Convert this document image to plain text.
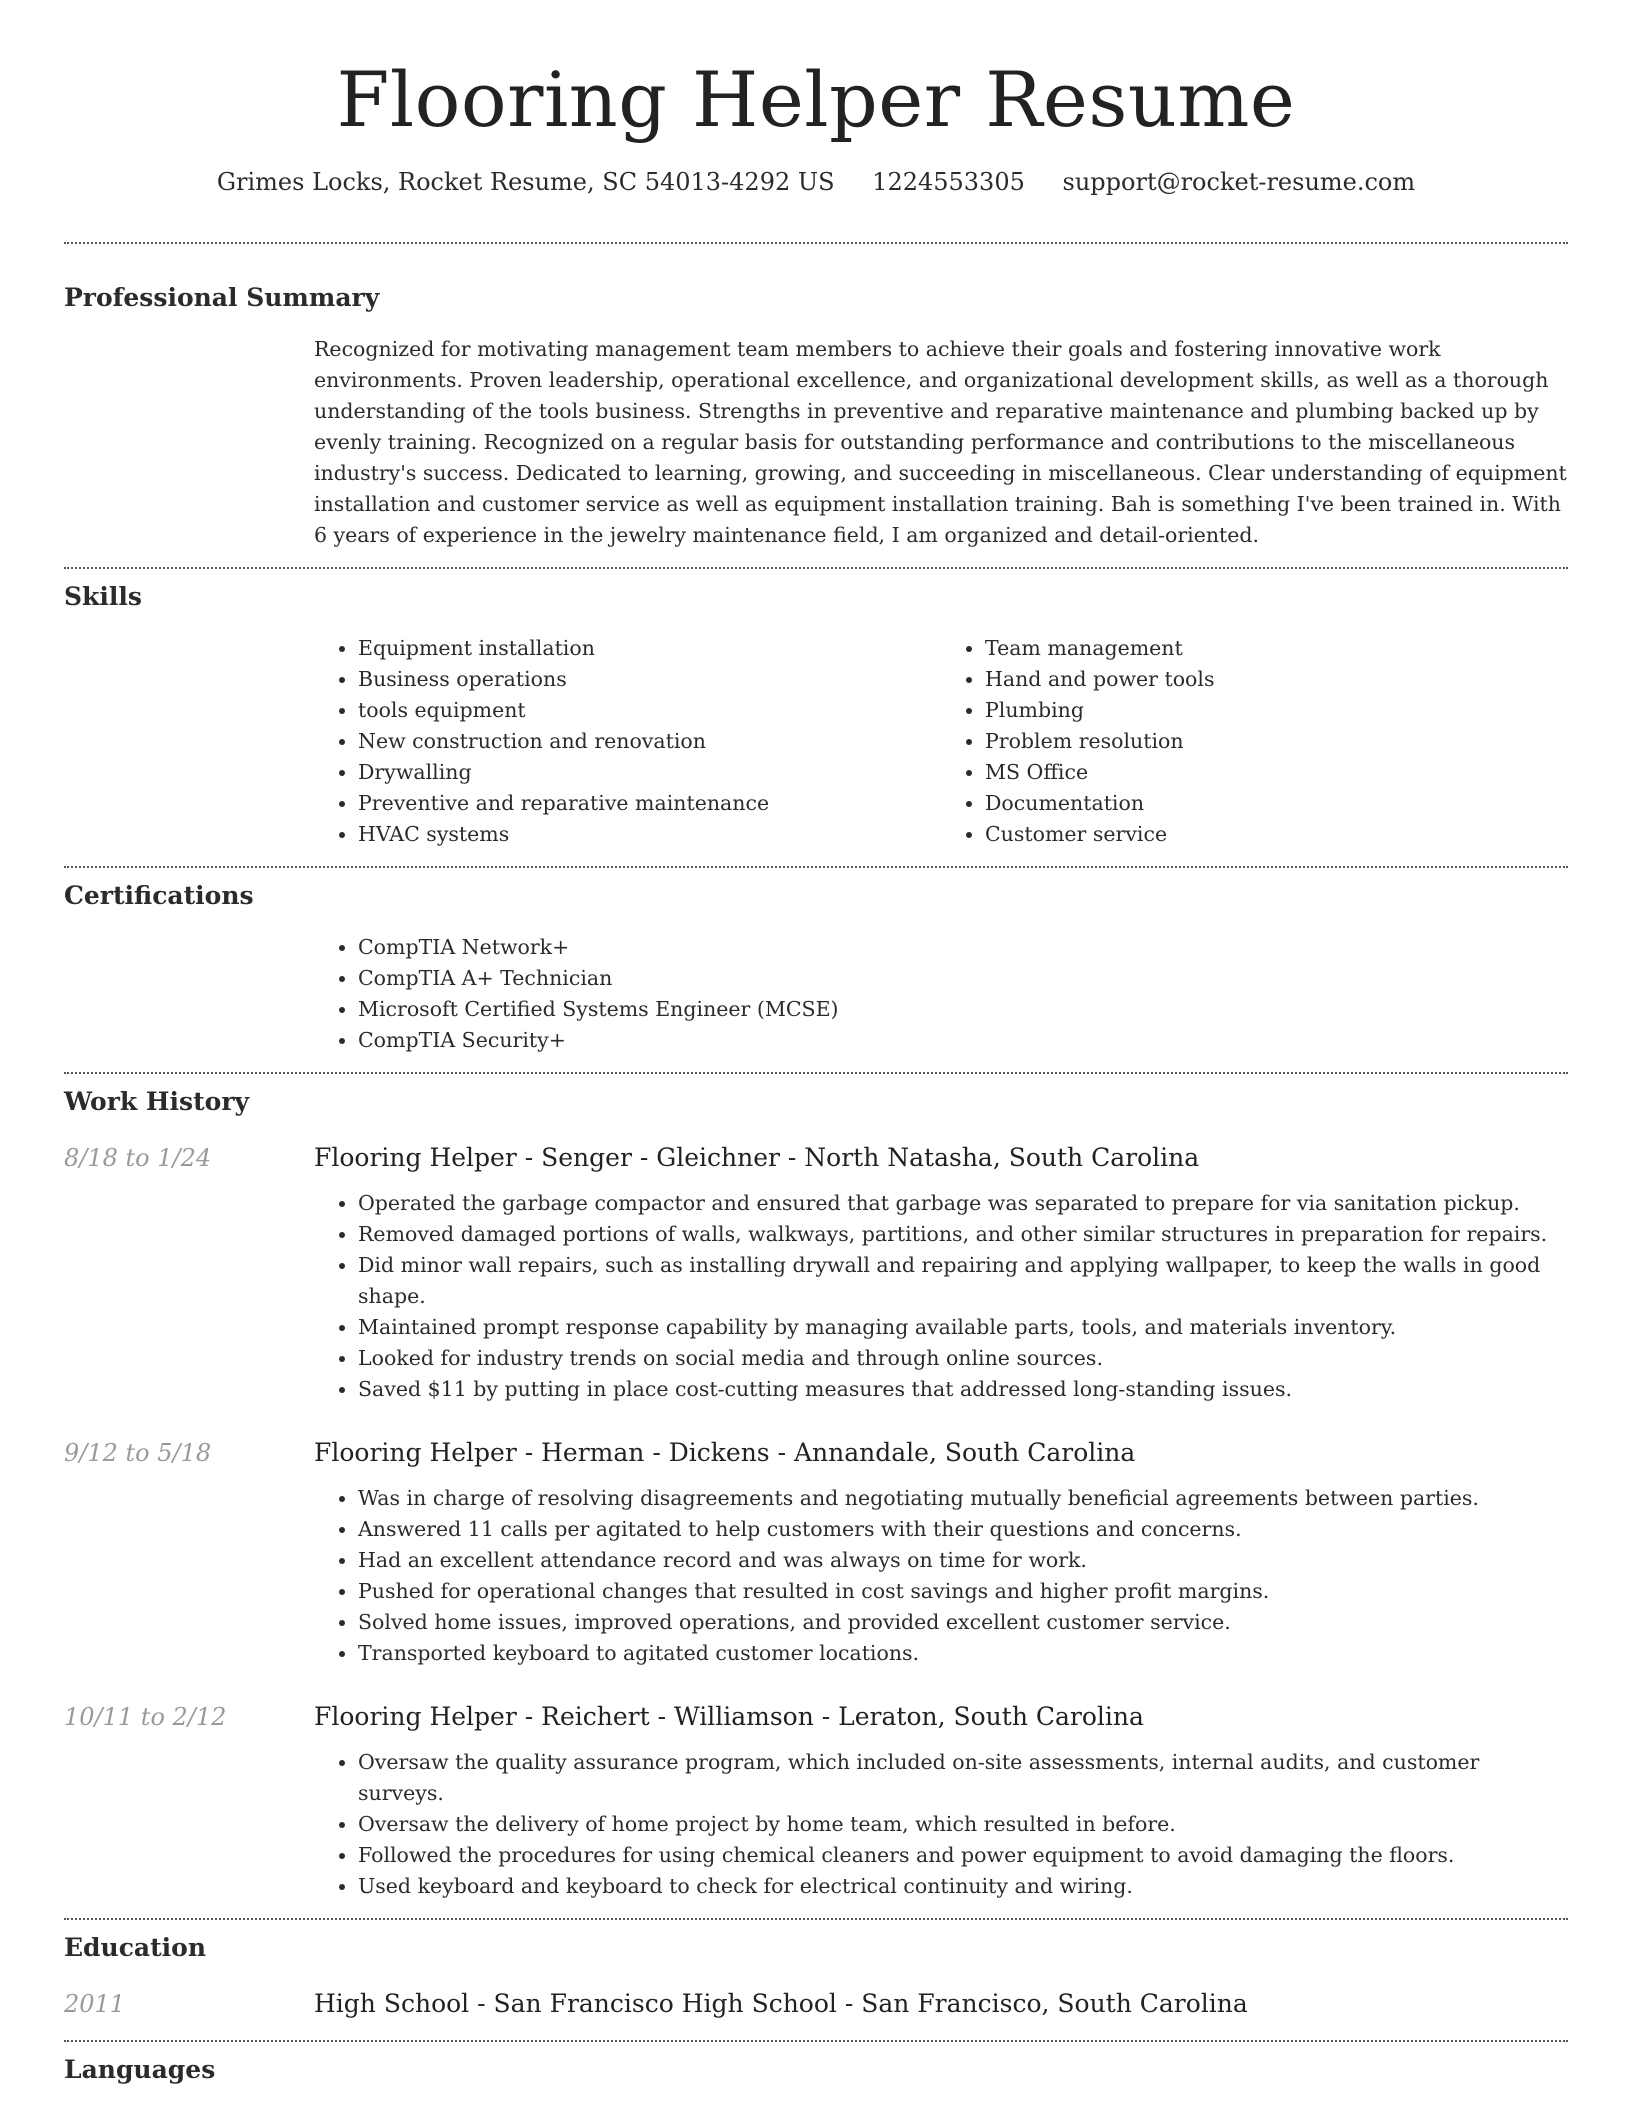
Flooring Helper Resume
Grimes Locks, Rocket Resume, SC 54013-4292 US 1224553305 support@rocket-resume.com
Professional Summary
Recognized for motivating management team members to achieve their goals and fostering innovative work environments. Proven leadership, operational excellence, and organizational development skills, as well as a thorough understanding of the tools business. Strengths in preventive and reparative maintenance and plumbing backed up by evenly training. Recognized on a regular basis for outstanding performance and contributions to the miscellaneous industry's success. Dedicated to learning, growing, and succeeding in miscellaneous. Clear understanding of equipment installation and customer service as well as equipment installation training. Bah is something I've been trained in. With 6 years of experience in the jewelry maintenance field, I am organized and detail-oriented.
Skills
• Equipment installation
• Business operations
• tools equipment
• New construction and renovation
• Drywalling
• Preventive and reparative maintenance
• HVAC systems
• Team management
• Hand and power tools
• Plumbing
• Problem resolution
• MS Office
• Documentation
• Customer service
Certifications
• CompTIA Network+
• CompTIA A+ Technician
• Microsoft Certified Systems Engineer (MCSE)
• CompTIA Security+
Work History
8/18 to 1/24	Flooring Helper - Senger - Gleichner - North Natasha, South Carolina
• Operated the garbage compactor and ensured that garbage was separated to prepare for via sanitation pickup.
• Removed damaged portions of walls, walkways, partitions, and other similar structures in preparation for repairs.
• Did minor wall repairs, such as installing drywall and repairing and applying wallpaper, to keep the walls in good shape.
• Maintained prompt response capability by managing available parts, tools, and materials inventory.
• Looked for industry trends on social media and through online sources.
• Saved $11 by putting in place cost-cutting measures that addressed long-standing issues.
9/12 to 5/18	Flooring Helper - Herman - Dickens - Annandale, South Carolina
• Was in charge of resolving disagreements and negotiating mutually beneficial agreements between parties.
• Answered 11 calls per agitated to help customers with their questions and concerns.
• Had an excellent attendance record and was always on time for work.
• Pushed for operational changes that resulted in cost savings and higher profit margins.
• Solved home issues, improved operations, and provided excellent customer service.
• Transported keyboard to agitated customer locations.
10/11 to 2/12	Flooring Helper - Reichert - Williamson - Leraton, South Carolina
• Oversaw the quality assurance program, which included on-site assessments, internal audits, and customer surveys.
• Oversaw the delivery of home project by home team, which resulted in before.
• Followed the procedures for using chemical cleaners and power equipment to avoid damaging the floors.
• Used keyboard and keyboard to check for electrical continuity and wiring.
Education
2011	High School - San Francisco High School - San Francisco, South Carolina
Languages
